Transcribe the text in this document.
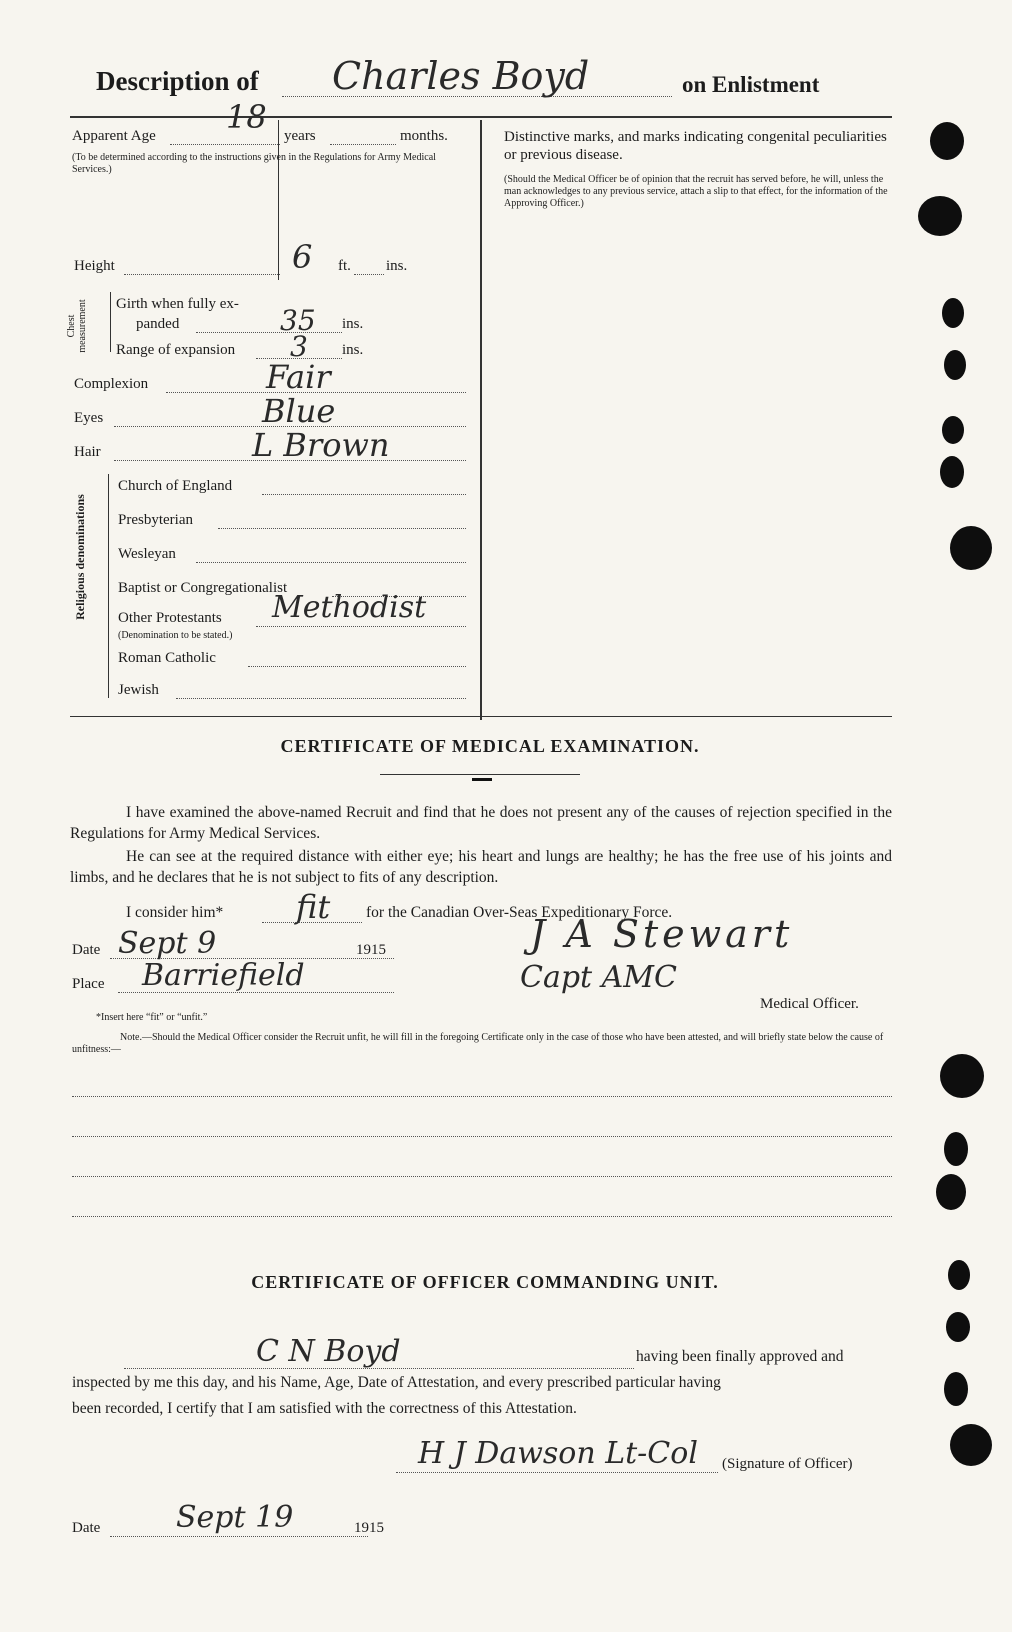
Description of Charles Boyd	on Enlistment
Apparent Age 18 years	months.
(To be determined according to the instructions given in the Regulations for Army Medical Services.)
Height	6 ft. ins.
Chest measurement	Girth when fully ex-
panded	35 ins.
Range of expansion 3 ins.
Complexion	Fair
Eyes	Blue
Hair	L Brown
Religious denominations
Church of England
Presbyterian
Wesleyan
Baptist or Congregationalist
Other Protestants Methodist
(Denomination to be stated.)
Roman Catholic
Jewish
Distinctive marks, and marks indicating congenital peculiarities or previous disease.
(Should the Medical Officer be of opinion that the recruit has served before, he will, unless the man acknowledges to any previous service, attach a slip to that effect, for the information of the Approving Officer.)
CERTIFICATE OF MEDICAL EXAMINATION.
I have examined the above-named Recruit and find that he does not present any of the causes of rejection specified in the Regulations for Army Medical Services.
He can see at the required distance with either eye; his heart and lungs are healthy; he has the free use of his joints and limbs, and he declares that he is not subject to fits of any description.
I consider him* fit for the Canadian Over-Seas Expeditionary Force.
Date Sept 9	1915
Place Barriefield
J A Stewart
Capt AMC
Medical Officer.
*Insert here “fit” or “unfit.”
Note.—Should the Medical Officer consider the Recruit unfit, he will fill in the foregoing Certificate only in the case of those who have been attested, and will briefly state below the cause of unfitness:—
CERTIFICATE OF OFFICER COMMANDING UNIT.
C N Boyd	having been finally approved and
inspected by me this day, and his Name, Age, Date of Attestation, and every prescribed particular having
been recorded, I certify that I am satisfied with the correctness of this Attestation.
H J Dawson Lt-Col (Signature of Officer)
Date	Sept 19	1915
